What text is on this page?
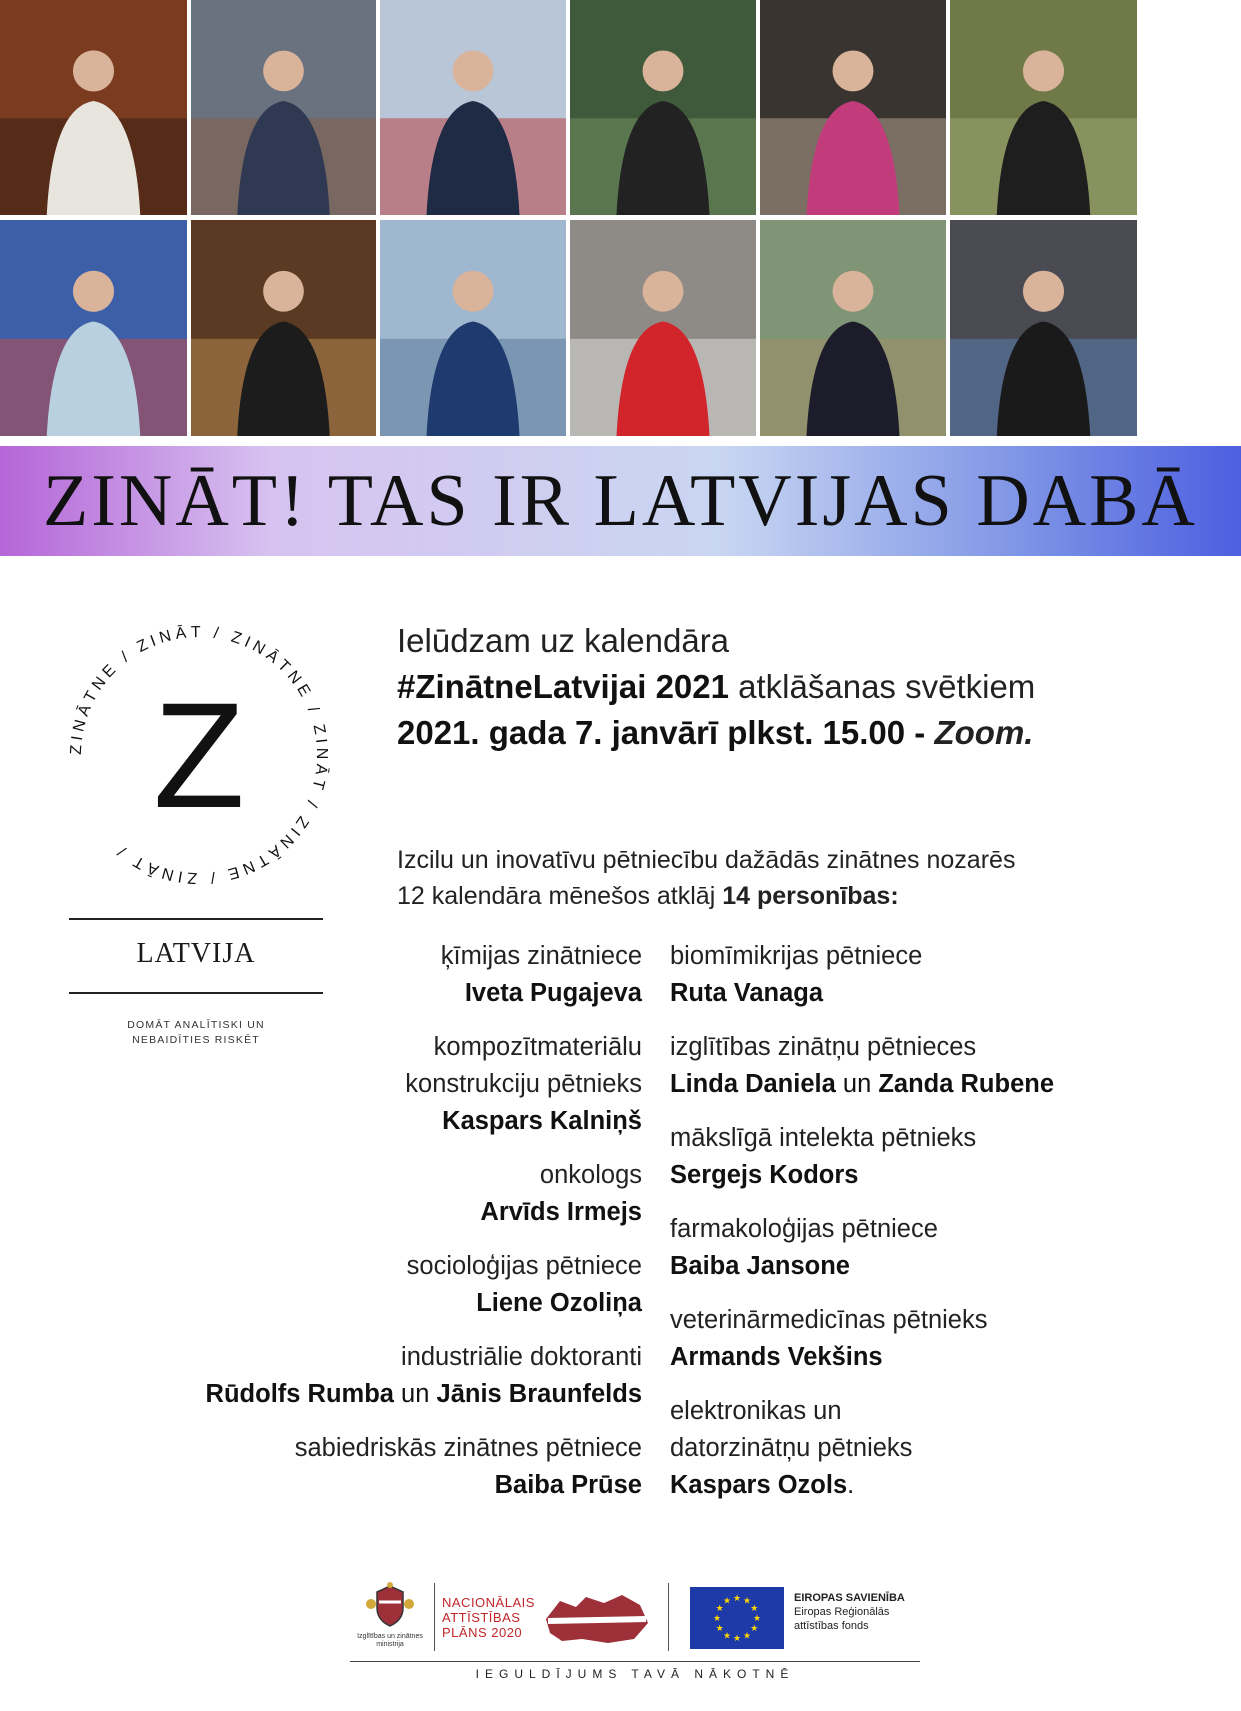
ZINĀT! TAS IR LATVIJAS DABĀ
ZINĀTNE / ZINĀT / ZINĀTNE / ZINĀT / ZINĀTNE / ZINĀT /
Z
LATVIJA
DOMĀT ANALĪTISKI UN
NEBAIDĪTIES RISKĒT
Ielūdzam uz kalendāra
#ZinātneLatvijai 2021 atklāšanas svētkiem
2021. gada 7. janvārī plkst. 15.00 - Zoom.
Izcilu un inovatīvu pētniecību dažādās zinātnes nozarēs
12 kalendāra mēnešos atklāj 14 personības:
ķīmijas zinātniece
Iveta Pugajeva
kompozītmateriālu
konstrukciju pētnieks
Kaspars Kalniņš
onkologs
Arvīds Irmejs
socioloģijas pētniece
Liene Ozoliņa
industriālie doktoranti
Rūdolfs Rumba un Jānis Braunfelds
sabiedriskās zinātnes pētniece
Baiba Prūse
biomīmikrijas pētniece
Ruta Vanaga
izglītības zinātņu pētnieces
Linda Daniela un Zanda Rubene
mākslīgā intelekta pētnieks
Sergejs Kodors
farmakoloģijas pētniece
Baiba Jansone
veterinārmedicīnas pētnieks
Armands Vekšins
elektronikas un
datorzinātņu pētnieks
Kaspars Ozols.
Izglītības un zinātnes
ministrija
NACIONĀLAIS
ATTĪSTĪBAS
PLĀNS 2020
★
★
★
★
★
★
★
★
★ ★ ★
★
EIROPAS SAVIENĪBA
Eiropas Reģionālās
attīstības fonds
IEGULDĪJUMS TAVĀ NĀKOTNĒ
